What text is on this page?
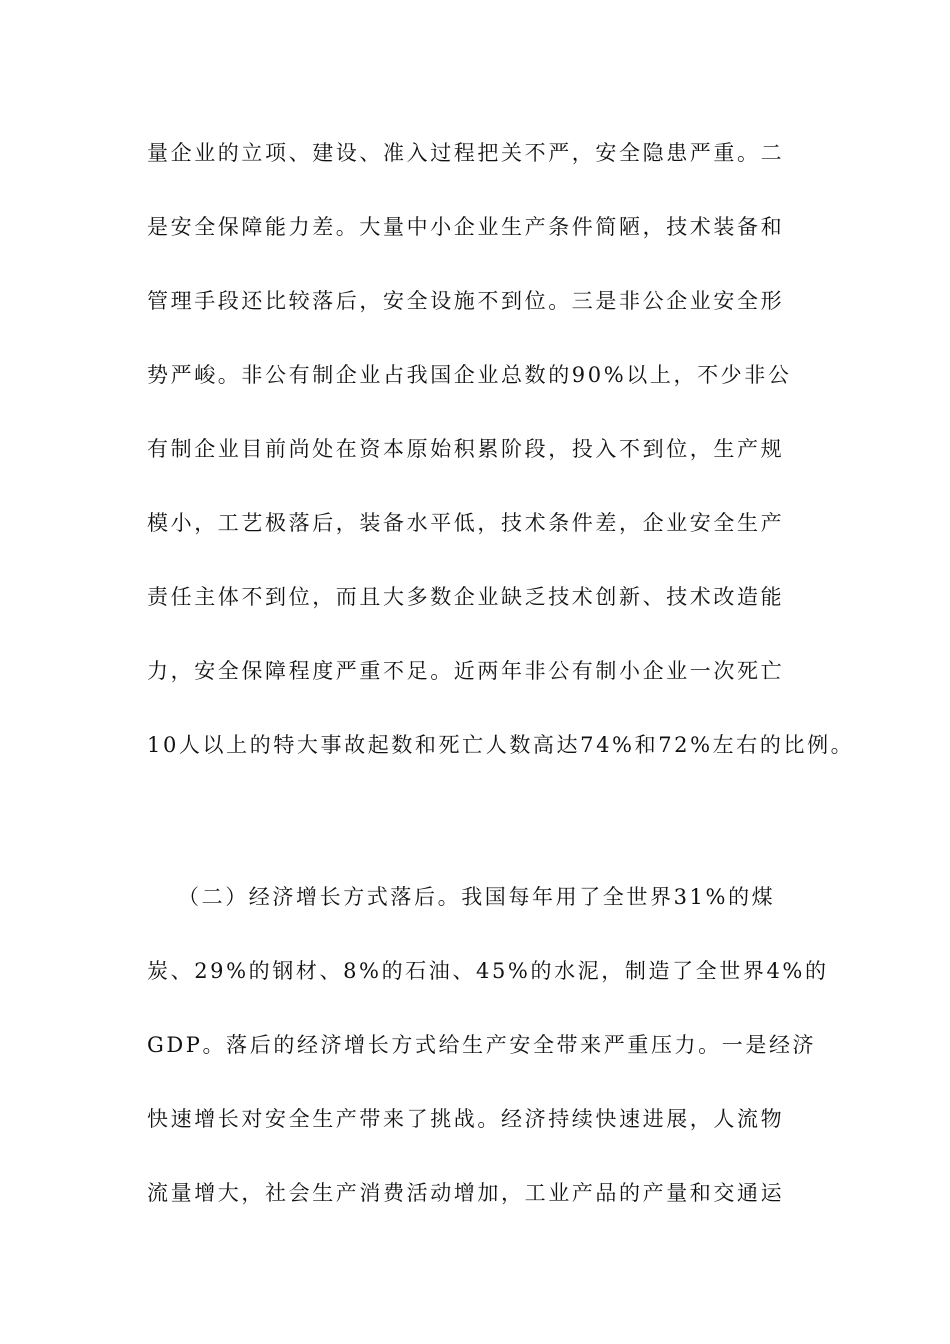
量企业的立项、建设、准入过程把关不严，安全隐患严重。二
是安全保障能力差。大量中小企业生产条件简陋，技术装备和
管理手段还比较落后，安全设施不到位。三是非公企业安全形
势严峻。非公有制企业占我国企业总数的90%以上，不少非公
有制企业目前尚处在资本原始积累阶段，投入不到位，生产规
模小，工艺极落后，装备水平低，技术条件差，企业安全生产
责任主体不到位，而且大多数企业缺乏技术创新、技术改造能
力，安全保障程度严重不足。近两年非公有制小企业一次死亡
10人以上的特大事故起数和死亡人数高达74%和72%左右的比例。
（二）经济增长方式落后。我国每年用了全世界31%的煤
炭、29%的钢材、8%的石油、45%的水泥，制造了全世界4%的
GDP。落后的经济增长方式给生产安全带来严重压力。一是经济
快速增长对安全生产带来了挑战。经济持续快速进展，人流物
流量增大，社会生产消费活动增加，工业产品的产量和交通运
